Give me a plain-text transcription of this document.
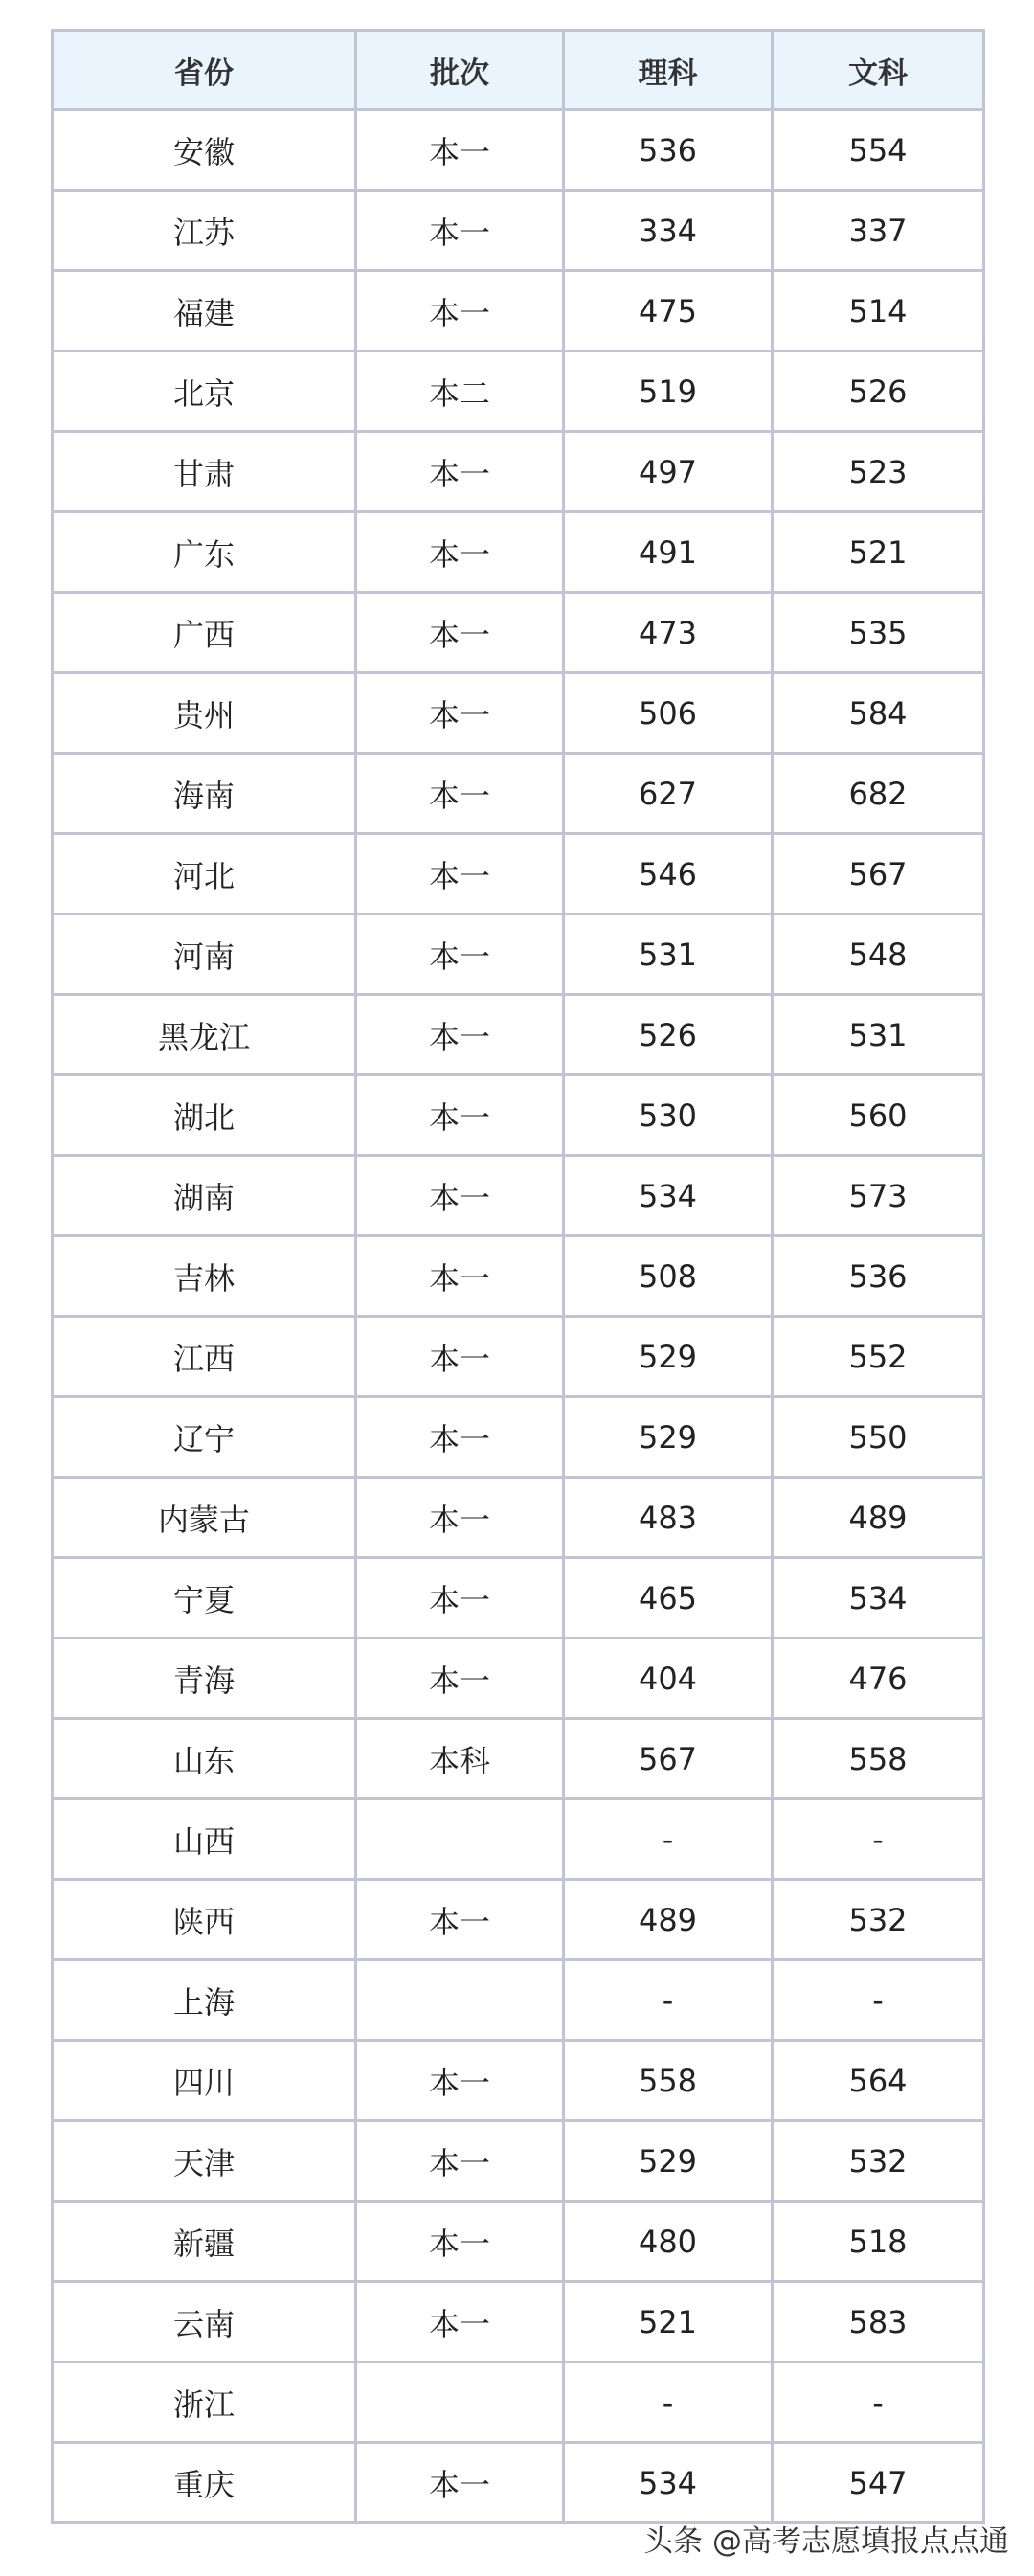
省份	批次	理科	文科
安徽	本一	536	554
江苏	本一	334	337
福建	本一	475	514
北京	本二	519	526
甘肃	本一	497	523
广东	本一	491	521
广西	本一	473	535
贵州	本一	506	584
海南	本一	627	682
河北	本一	546	567
河南	本一	531	548
黑龙江	本一	526	531
湖北	本一	530	560
湖南	本一	534	573
吉林	本一	508	536
江西	本一	529	552
辽宁	本一	529	550
内蒙古	本一	483	489
宁夏	本一	465	534
青海	本一	404	476
山东	本科	567	558
山西		-	-
陕西	本一	489	532
上海		-	-
四川	本一	558	564
天津	本一	529	532
新疆	本一	480	518
云南	本一	521	583
浙江		-	-
重庆	本一	534	547
头条 @高考志愿填报点点通
